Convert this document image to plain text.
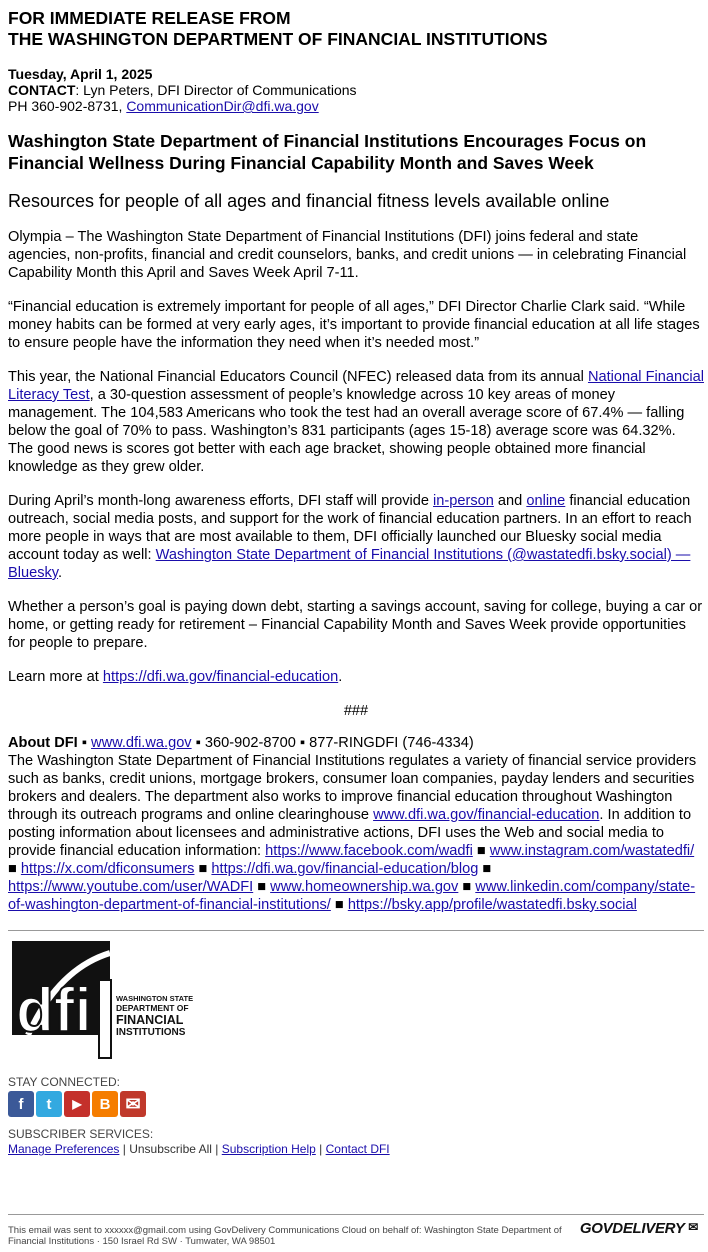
FOR IMMEDIATE RELEASE FROM
THE WASHINGTON DEPARTMENT OF FINANCIAL INSTITUTIONS
Tuesday, April 1, 2025
CONTACT: Lyn Peters, DFI Director of Communications
PH 360-902-8731, CommunicationDir@dfi.wa.gov
Washington State Department of Financial Institutions Encourages Focus on Financial Wellness During Financial Capability Month and Saves Week
Resources for people of all ages and financial fitness levels available online

Olympia – The Washington State Department of Financial Institutions (DFI) joins federal and state agencies, non-profits, financial and credit counselors, banks, and credit unions — in celebrating Financial Capability Month this April and Saves Week April 7-11.

“Financial education is extremely important for people of all ages,” DFI Director Charlie Clark said. “While money habits can be formed at very early ages, it’s important to provide financial education at all life stages to ensure people have the information they need when it’s needed most.”

This year, the National Financial Educators Council (NFEC) released data from its annual National Financial Literacy Test, a 30-question assessment of people’s knowledge across 10 key areas of money management. The 104,583 Americans who took the test had an overall average score of 67.4% — falling below the goal of 70% to pass. Washington’s 831 participants (ages 15-18) average score was 64.32%. The good news is scores got better with each age bracket, showing people obtained more financial knowledge as they grew older.

During April’s month-long awareness efforts, DFI staff will provide in-person and online financial education outreach, social media posts, and support for the work of financial education partners. In an effort to reach more people in ways that are most available to them, DFI officially launched our Bluesky social media account today as well: Washington State Department of Financial Institutions (@wastatedfi.bsky.social) — Bluesky.

Whether a person’s goal is paying down debt, starting a savings account, saving for college, buying a car or home, or getting ready for retirement – Financial Capability Month and Saves Week provide opportunities for people to prepare.

Learn more at https://dfi.wa.gov/financial-education.

###

About DFI ▪ www.dfi.wa.gov ▪ 360-902-8700 ▪ 877-RINGDFI (746-4334)
The Washington State Department of Financial Institutions regulates a variety of financial service providers such as banks, credit unions, mortgage brokers, consumer loan companies, payday lenders and securities brokers and dealers. The department also works to improve financial education throughout Washington through its outreach programs and online clearinghouse www.dfi.wa.gov/financial-education. In addition to posting information about licensees and administrative actions, DFI uses the Web and social media to provide financial education information: https://www.facebook.com/wadfi ■ www.instagram.com/wastatedfi/ ■ https://x.com/dficonsumers ■ https://dfi.wa.gov/financial-education/blog ■ https://www.youtube.com/user/WADFI ■ www.homeownership.wa.gov ■ www.linkedin.com/company/state-of-washington-department-of-financial-institutions/ ■ https://bsky.app/profile/wastatedfi.bsky.social
dfi	WASHINGTON STATE
DEPARTMENT OF
FINANCIAL
INSTITUTIONS
STAY CONNECTED:
f	t	▶	B ✉
SUBSCRIBER SERVICES:
Manage Preferences | Unsubscribe All | Subscription Help | Contact DFI
This email was sent to xxxxxx@gmail.com using GovDelivery Communications Cloud on behalf of: Washington State Department of Financial Institutions · 150 Israel Rd SW · Tumwater, WA 98501
GOVDELIVERY ✉
